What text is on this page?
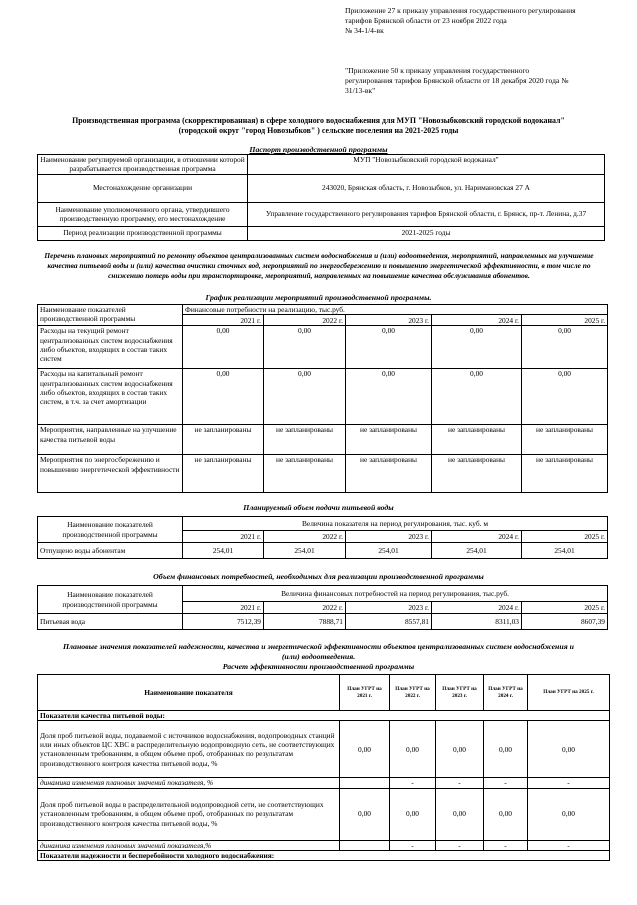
Приложение 27 к приказу управления государственного регулирования
тарифов Брянской области от 23 ноября 2022 года
№ 34-1/4-вк
"Приложение 50 к приказу управления государственного
регулирования тарифов Брянской области от 18 декабря 2020 года №
31/13-вк"
Производственная программа (скорректированная) в сфере холодного водоснабжения для МУП "Новозыбковский городской водоканал"
(городской округ "город Новозыбков" ) сельские поселения на 2021-2025 годы
Паспорт производственной программы
Наименование регулируемой организации, в отношении которой разрабатывается производственная программа	МУП "Новозыбковский городской водоканал"
Местонахождение организации	243020, Брянская область, г. Новозыбков, ул. Наримановская 27 А
Наименование уполномоченного органа, утвердившего производственную программу, его местонахождение	Управление государственного регулирования тарифов Брянской области, г. Брянск, пр-т. Ленина, д.37
Период реализации производственной программы	2021-2025 годы
Перечень плановых мероприятий по ремонту объектов централизованных систем водоснабжения и (или) водоотведения, мероприятий, направленных на улучшение качества питьевой воды и (или) качества очистки сточных вод, мероприятий по энергосбережению и повышению энергетической эффективности, в том числе по снижению потерь воды при транспортировке, мероприятий, направленных на повышение качества обслуживания абонентов.
График реализации мероприятий производственной программы.
Наименование показателей производственной программы	Финансовые потребности на реализацию, тыс.руб.				
	2021 г.	2022 г.	2023 г.	2024 г.	2025 г.
Расходы на текущий ремонт централизованных систем водоснабжения либо объектов, входящих в состав таких систем	0,00	0,00	0,00	0,00	0,00
Расходы на капитальный ремонт централизованных систем водоснабжения либо объектов, входящих в состав таких систем, в т.ч. за счет амортизации	0,00	0,00	0,00	0,00	0,00
Мероприятия, направленные на улучшение качества питьевой воды	не запланированы	не запланированы	не запланированы	не запланированы	не запланированы
Мероприятия по энергосбережению и повышению энергетической эффективности	не запланированы	не запланированы	не запланированы	не запланированы	не запланированы
Планируемый объем подачи питьевой воды
Наименование показателей производственной программы	Величина показателя на период регулирования, тыс. куб. м				
	2021 г.	2022 г.	2023 г.	2024 г.	2025 г.
Отпущено воды абонентам	254,01	254,01	254,01	254,01	254,01
Объем финансовых потребностей, необходимых для реализации производственной программы
Наименование показателей производственной программы	Величина финансовых потребностей на период регулирования, тыс.руб.				
	2021 г.	2022 г.	2023 г.	2024 г.	2025 г.
Питьевая вода	7512,39	7888,71	8557,81	8311,03	8607,39
Плановые значения показателей надежности, качества и энергетической эффективности объектов централизованных систем водоснабжения и
(или) водоотведения.
Расчет эффективности производственной программы
Наименование показателя	План УГРТ на 2021 г.	План УГРТ на 2022 г.	План УГРТ на 2023 г.	План УГРТ на 2024 г.	План УГРТ на 2025 г.
Показатели качества питьевой воды:					
Доля проб питьевой воды, подаваемой с источников водоснабжения, водопроводных станций или иных объектов ЦС ХВС в распределительную водопроводную сеть, не соответствующих установленным требованиям, в общем объеме проб, отобранных по результатам производственного контроля качества питьевой воды, %	0,00	0,00	0,00	0,00	0,00
динамика изменения плановых значений показателя, %		-	-	-	-
Доля проб питьевой воды в распределительной водопроводной сети, не соответствующих установленным требованиям, в общем объеме проб, отобранных по результатам производственного контроля качества питьевой воды, %	0,00	0,00	0,00	0,00	0,00
динамика изменения плановых значений показателя,%		-	-	-	-
Показатели надежности и бесперебойности холодного водоснабжения:					
